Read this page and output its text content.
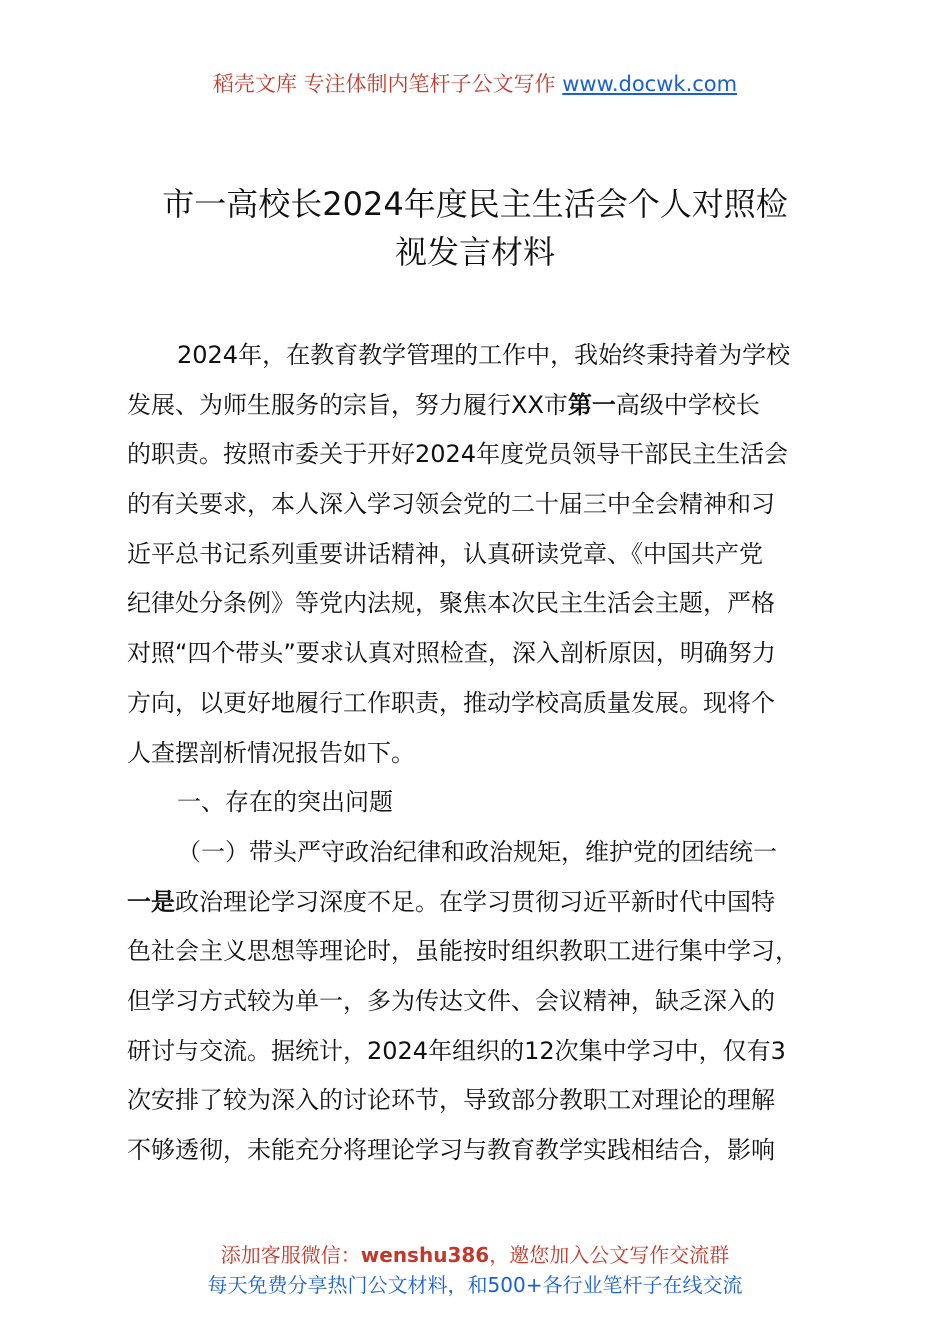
稻壳文库 专注体制内笔杆子公文写作 www.docwk.com
市一高校长2024年度民主生活会个人对照检
视发言材料
2024年，在教育教学管理的工作中，我始终秉持着为学校
发展、为师生服务的宗旨，努力履行XX市第一高级中学校长
的职责。按照市委关于开好2024年度党员领导干部民主生活会
的有关要求，本人深入学习领会党的二十届三中全会精神和习
近平总书记系列重要讲话精神，认真研读党章、《中国共产党
纪律处分条例》等党内法规，聚焦本次民主生活会主题，严格
对照“四个带头”要求认真对照检查，深入剖析原因，明确努力
方向，以更好地履行工作职责，推动学校高质量发展。现将个
人查摆剖析情况报告如下。
一、存在的突出问题
（一）带头严守政治纪律和政治规矩，维护党的团结统一
一是政治理论学习深度不足。在学习贯彻习近平新时代中国特
色社会主义思想等理论时，虽能按时组织教职工进行集中学习，
但学习方式较为单一，多为传达文件、会议精神，缺乏深入的
研讨与交流。据统计，2024年组织的12次集中学习中，仅有3
次安排了较为深入的讨论环节，导致部分教职工对理论的理解
不够透彻，未能充分将理论学习与教育教学实践相结合，影响
添加客服微信：wenshu386，邀您加入公文写作交流群
每天免费分享热门公文材料，和500+各行业笔杆子在线交流
